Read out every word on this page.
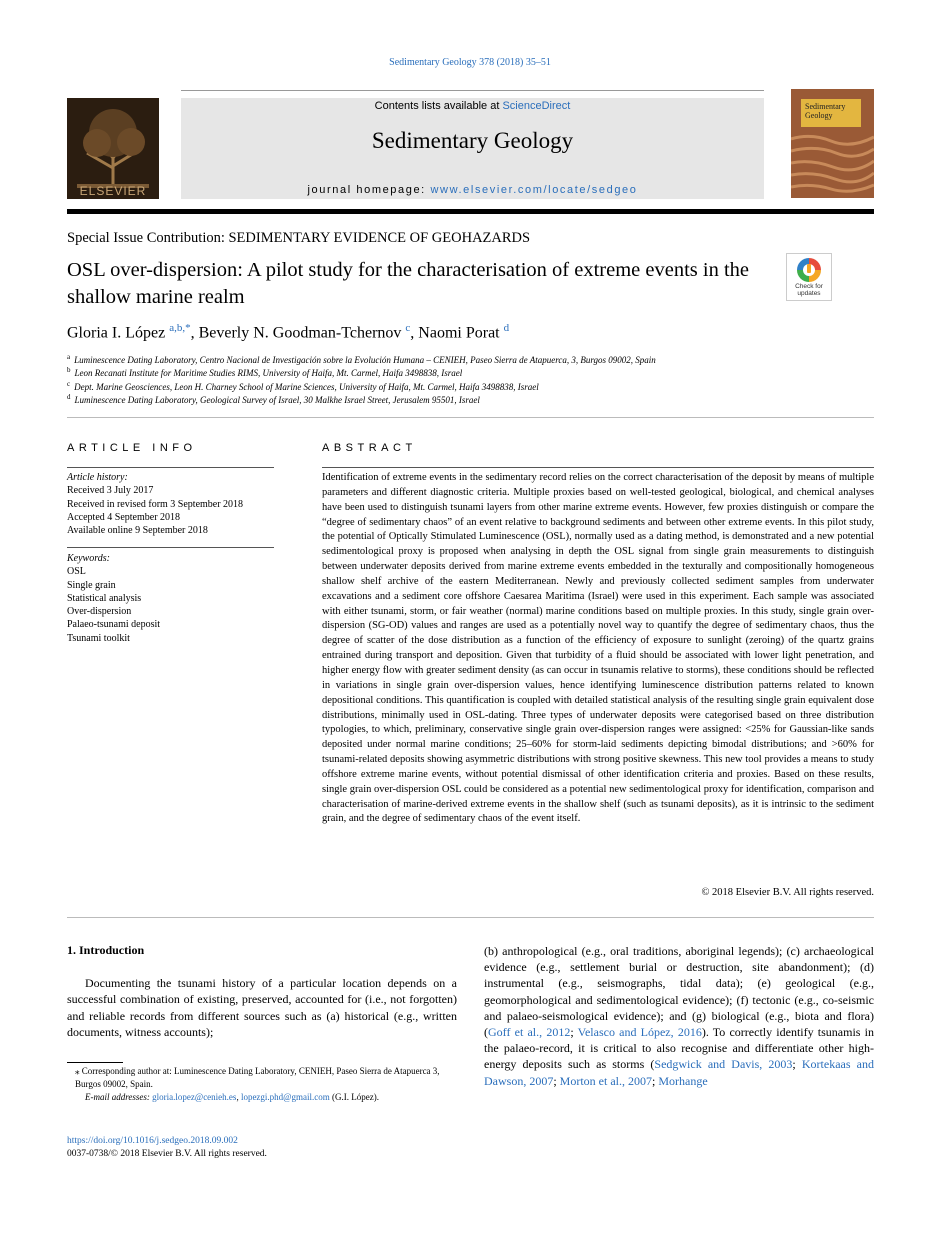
Sedimentary Geology 378 (2018) 35–51
ELSEVIER
Contents lists available at ScienceDirect
Sedimentary Geology
journal homepage: www.elsevier.com/locate/sedgeo
Sedimentary Geology
Special Issue Contribution: SEDIMENTARY EVIDENCE OF GEOHAZARDS
OSL over-dispersion: A pilot study for the characterisation of extreme events in the shallow marine realm	Check for
updates
Gloria I. López $^{a,b,*}$, Beverly N. Goodman-Tchernov $^c$, Naomi Porat $^d$
$^a$ Luminescence Dating Laboratory, Centro Nacional de Investigación sobre la Evolución Humana – CENIEH, Paseo Sierra de Atapuerca, 3, Burgos 09002, Spain
$^b$ Leon Recanati Institute for Maritime Studies RIMS, University of Haifa, Mt. Carmel, Haifa 3498838, Israel
$^c$ Dept. Marine Geosciences, Leon H. Charney School of Marine Sciences, University of Haifa, Mt. Carmel, Haifa 3498838, Israel
$^d$ Luminescence Dating Laboratory, Geological Survey of Israel, 30 Malkhe Israel Street, Jerusalem 95501, Israel
ARTICLE INFO
Article history:
Received 3 July 2017
Received in revised form 3 September 2018
Accepted 4 September 2018
Available online 9 September 2018
Keywords:
OSL
Single grain
Statistical analysis
Over-dispersion
Palaeo-tsunami deposit
Tsunami toolkit
ABSTRACT
Identification of extreme events in the sedimentary record relies on the correct characterisation of the deposit by means of multiple parameters and different diagnostic criteria. Multiple proxies based on well-tested geological, biological, and chemical analyses have been used to distinguish tsunami layers from other marine extreme events. However, few proxies distinguish or compare the “degree of sedimentary chaos” of an event relative to background sediments and between other extreme events. In this pilot study, the potential of Optically Stimulated Luminescence (OSL), normally used as a dating method, is demonstrated and a new potential sedimentological proxy is proposed when analysing in depth the OSL signal from single grain measurements to distinguish between underwater deposits derived from marine extreme events embedded in the texturally and compositionally homogeneous shallow shelf archive of the eastern Mediterranean. Newly and previously collected sediment samples from underwater excavations and a sediment core offshore Caesarea Maritima (Israel) were used in this experiment. Each sample was associated with either tsunami, storm, or fair weather (normal) marine conditions based on multiple proxies. In this study, single grain over-dispersion (SG-OD) values and ranges are used as a potentially novel way to quantify the degree of sedimentary chaos, thus the degree of scatter of the dose distribution as a function of the efficiency of exposure to sunlight (zeroing) of the quartz grains entrained during transport and deposition. Given that turbidity of a fluid should be associated with lower light penetration, and higher energy flow with greater sediment density (as can occur in tsunamis relative to storms), these conditions should be reflected in variations in single grain over-dispersion values, hence identifying luminescence distribution patterns related to known depositional conditions. This quantification is coupled with detailed statistical analysis of the resulting single grain equivalent dose distributions, minimally used in OSL-dating. Three types of underwater deposits were categorised based on three distribution typologies, to which, preliminary, conservative single grain over-dispersion ranges were assigned: <25% for Gaussian-like sands deposited under normal marine conditions; 25–60% for storm-laid sediments depicting bimodal distributions; and >60% for tsunami-related deposits showing asymmetric distributions with strong positive skewness. This new tool provides a means to study offshore extreme marine events, without potential dismissal of other identification criteria and proxies. Based on these results, single grain over-dispersion OSL could be considered as a potential new sedimentological proxy for identification, comparison and characterisation of marine-derived extreme events in the shallow shelf (such as tsunami deposits), as it is intrinsic to the sediment grain, and the degree of sedimentary chaos of the event itself.
© 2018 Elsevier B.V. All rights reserved.
1. Introduction
Documenting the tsunami history of a particular location depends on a successful combination of existing, preserved, accounted for (i.e., not forgotten) and reliable records from different sources such as (a) historical (e.g., written documents, witness accounts);
(b) anthropological (e.g., oral traditions, aboriginal legends); (c) archaeological evidence (e.g., settlement burial or destruction, site abandonment); (d) instrumental (e.g., seismographs, tidal data); (e) geological (e.g., geomorphological and sedimentological evidence); (f) tectonic (e.g., co-seismic and palaeo-seismological evidence); and (g) biological (e.g., biota and flora) (Goff et al., 2012; Velasco and López, 2016). To correctly identify tsunamis in the palaeo-record, it is critical to also recognise and differentiate other high-energy deposits such as storms (Sedgwick and Davis, 2003; Kortekaas and Dawson, 2007; Morton et al., 2007; Morhange
⁎ Corresponding author at: Luminescence Dating Laboratory, CENIEH, Paseo Sierra de Atapuerca 3, Burgos 09002, Spain.
E-mail addresses: gloria.lopez@cenieh.es, lopezgi.phd@gmail.com (G.I. López).
https://doi.org/10.1016/j.sedgeo.2018.09.002
0037-0738/© 2018 Elsevier B.V. All rights reserved.
